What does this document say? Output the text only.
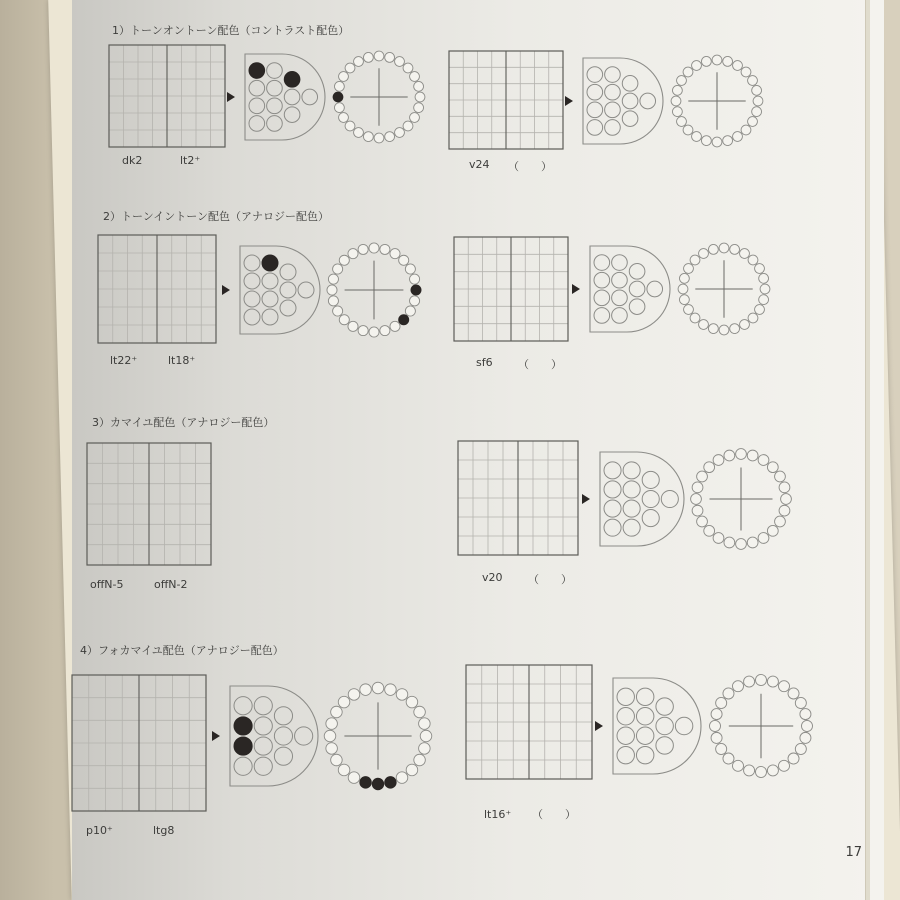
1）トーンオントーン配色（コントラスト配色）
dk2	lt2⁺	v24 （　　）
2）トーンイントーン配色（アナロジー配色）
lt22⁺	lt18⁺	sf6 （　　）
3）カマイユ配色（アナロジー配色）
offN-5	offN-2
v20 （　　）
4）フォカマイユ配色（アナロジー配色）
p10⁺	ltg8
lt16⁺ （　　）
17
